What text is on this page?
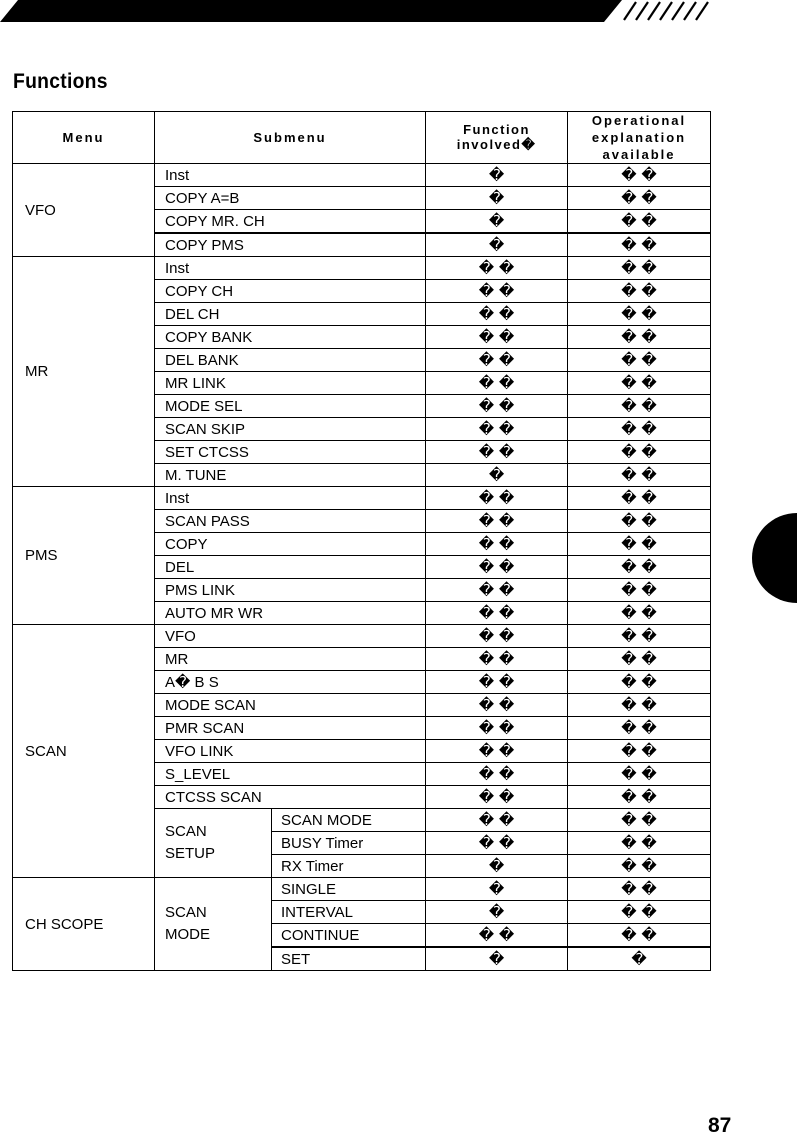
Functions
Menu	Submenu		Function involved�	Operational
explanation available

VFO	Inst		�	� �
	COPY A=B		�	� �
	COPY MR. CH		�	� �
	COPY PMS		�	� �
MR	Inst		� �	� �
	COPY CH		� �	� �
	DEL CH		� �	� �
	COPY BANK		� �	� �
	DEL BANK		� �	� �
	MR LINK		� �	� �
	MODE SEL		� �	� �
	SCAN SKIP		� �	� �
	SET CTCSS		� �	� �
	M. TUNE		�	� �
PMS	Inst		� �	� �
	SCAN PASS		� �	� �
	COPY		� �	� �
	DEL		� �	� �
	PMS LINK		� �	� �
	AUTO MR WR		� �	� �
SCAN	VFO		� �	� �
	MR		� �	� �
	A� B S		� �	� �
	MODE SCAN		� �	� �
	PMR SCAN		� �	� �
	VFO LINK		� �	� �
	S_LEVEL		� �	� �
	CTCSS SCAN		� �	� �

	SCAN
SETUP	SCAN MODE	� �	� �
		BUSY Timer	� �	� �
		RX Timer	�	� �
CH SCOPE	SCAN
MODE	SINGLE	�	� �
		INTERVAL	�	� �
		CONTINUE	� �	� �
		SET	�	�
87
